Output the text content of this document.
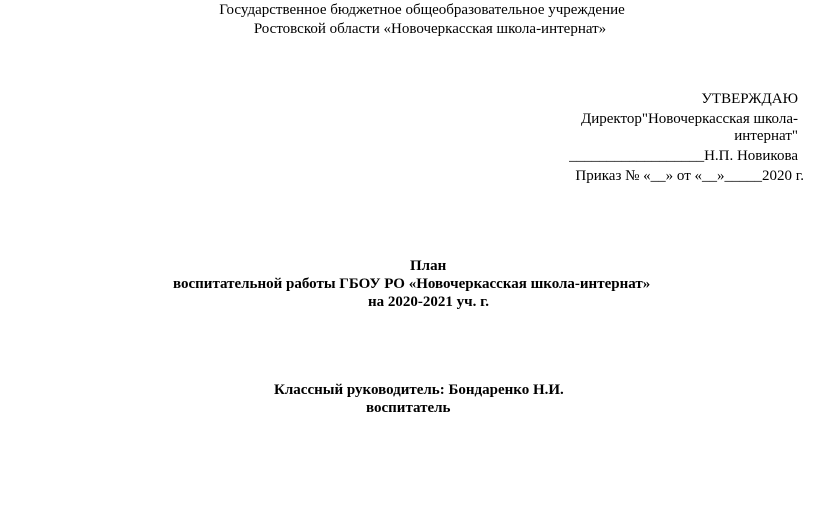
Государственное бюджетное общеобразовательное учреждение
Ростовской области «Новочеркасская школа-интернат»
УТВЕРЖДАЮ
Директор"Новочеркасская школа-
интернат"
__________________Н.П. Новикова
Приказ № «__» от «__»_____2020 г.
План
воспитательной работы ГБОУ РО «Новочеркасская школа-интернат»
на 2020-2021 уч. г.
Классный руководитель: Бондаренко Н.И.
воспитатель
